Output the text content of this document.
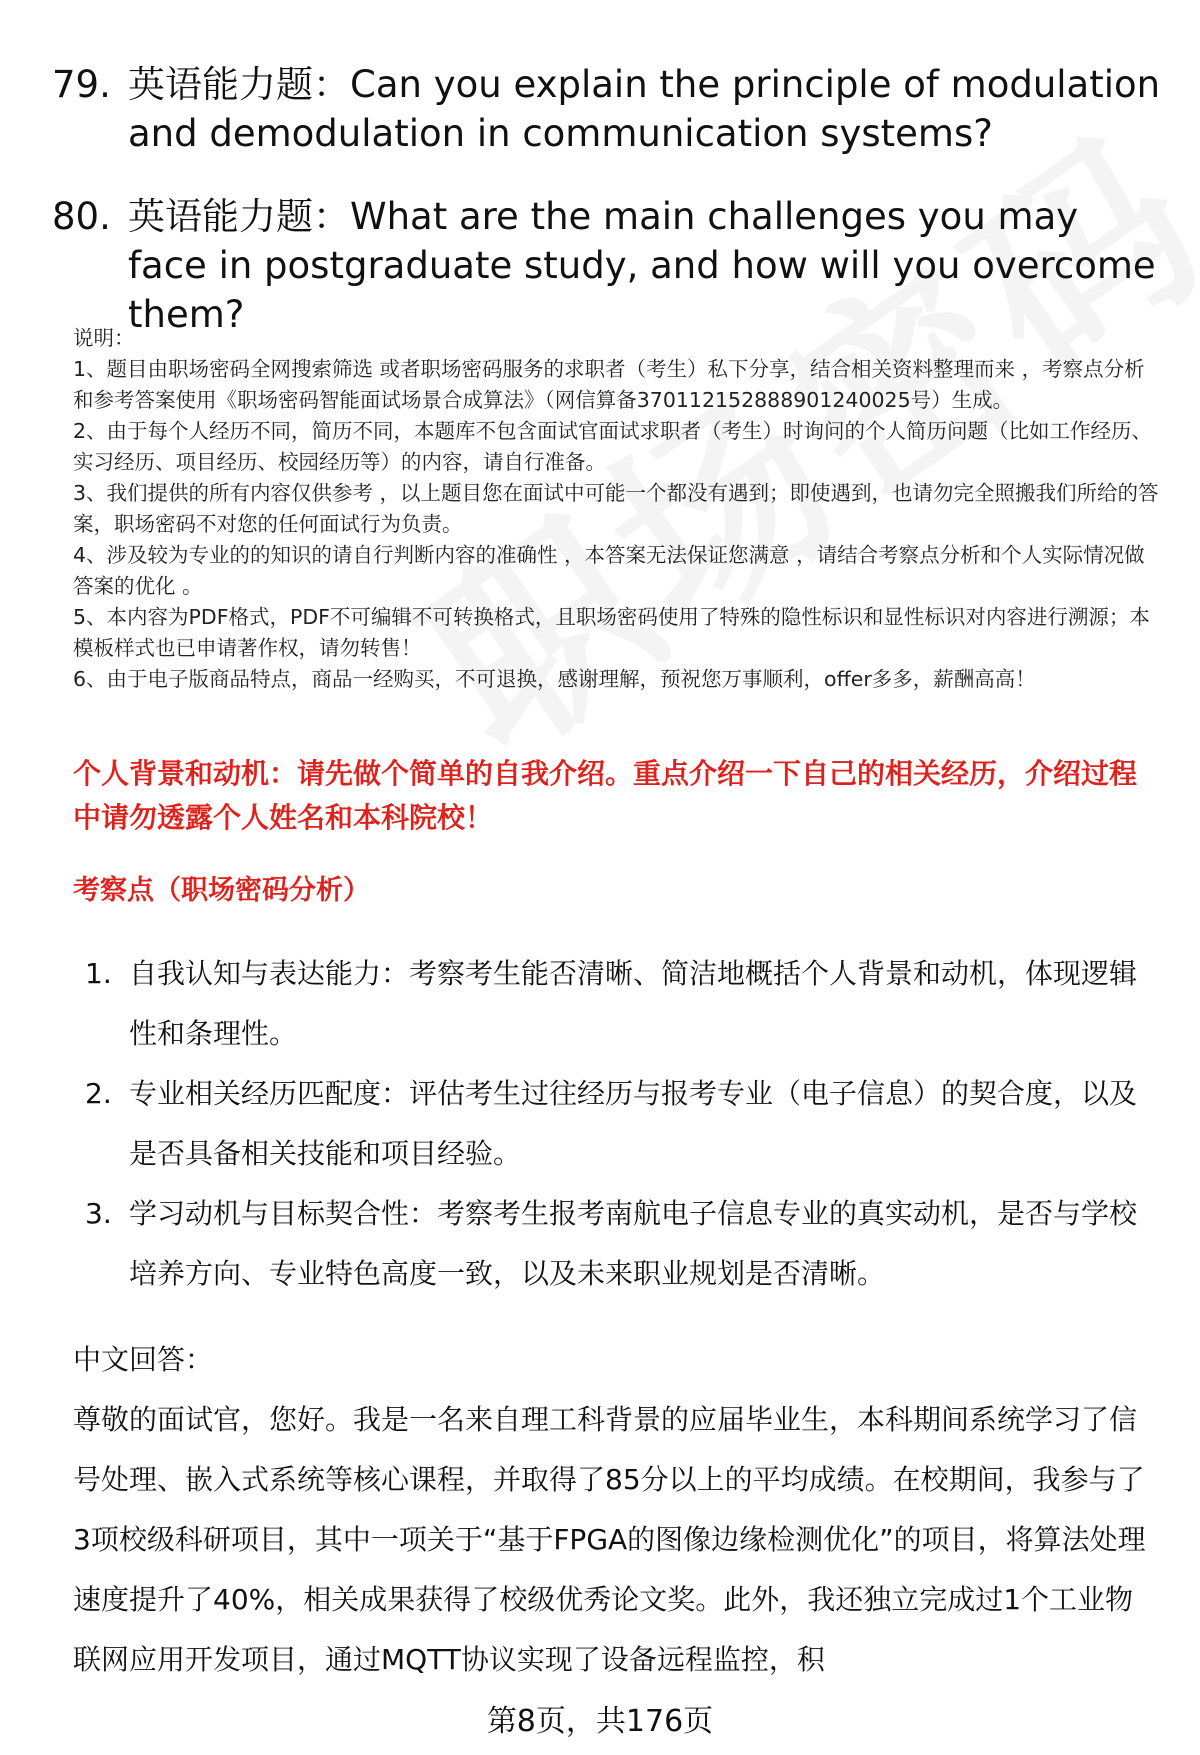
79. 英语能力题：Can you explain the principle of modulation and demodulation in communication systems?
80. 英语能力题：What are the main challenges you may face in postgraduate study, and how will you overcome them?

说明：

1、题目由职场密码全网搜索筛选 或者职场密码服务的求职者（考生）私下分享，结合相关资料整理而来 ，考察点分析和参考答案使用《职场密码智能面试场景合成算法》（网信算备370112152888901240025号）生成。

2、由于每个人经历不同，简历不同，本题库不包含面试官面试求职者（考生）时询问的个人简历问题（比如工作经历、实习经历、项目经历、校园经历等）的内容，请自行准备。

3、我们提供的所有内容仅供参考 ，以上题目您在面试中可能一个都没有遇到；即使遇到，也请勿完全照搬我们所给的答案，职场密码不对您的任何面试行为负责。

4、涉及较为专业的的知识的请自行判断内容的准确性 ，本答案无法保证您满意 ，请结合考察点分析和个人实际情况做答案的优化 。

5、本内容为PDF格式，PDF不可编辑不可转换格式，且职场密码使用了特殊的隐性标识和显性标识对内容进行溯源；本模板样式也已申请著作权，请勿转售！

6、由于电子版商品特点，商品一经购买，不可退换，感谢理解，预祝您万事顺利，offer多多，薪酬高高！

个人背景和动机：请先做个简单的自我介绍。重点介绍一下自己的相关经历，介绍过程中请勿透露个人姓名和本科院校！
考察点（职场密码分析）
1. 自我认知与表达能力：考察考生能否清晰、简洁地概括个人背景和动机，体现逻辑性和条理性。
2. 专业相关经历匹配度：评估考生过往经历与报考专业（电子信息）的契合度，以及是否具备相关技能和项目经验。
3. 学习动机与目标契合性：考察考生报考南航电子信息专业的真实动机，是否与学校培养方向、专业特色高度一致，以及未来职业规划是否清晰。
中文回答：

尊敬的面试官，您好。我是一名来自理工科背景的应届毕业生，本科期间系统学习了信号处理、嵌入式系统等核心课程，并取得了85分以上的平均成绩。在校期间，我参与了3项校级科研项目，其中一项关于“基于FPGA的图像边缘检测优化”的项目，将算法处理速度提升了40%，相关成果获得了校级优秀论文奖。此外，我还独立完成过1个工业物联网应用开发项目，通过MQTT协议实现了设备远程监控，积

第8页，共176页
